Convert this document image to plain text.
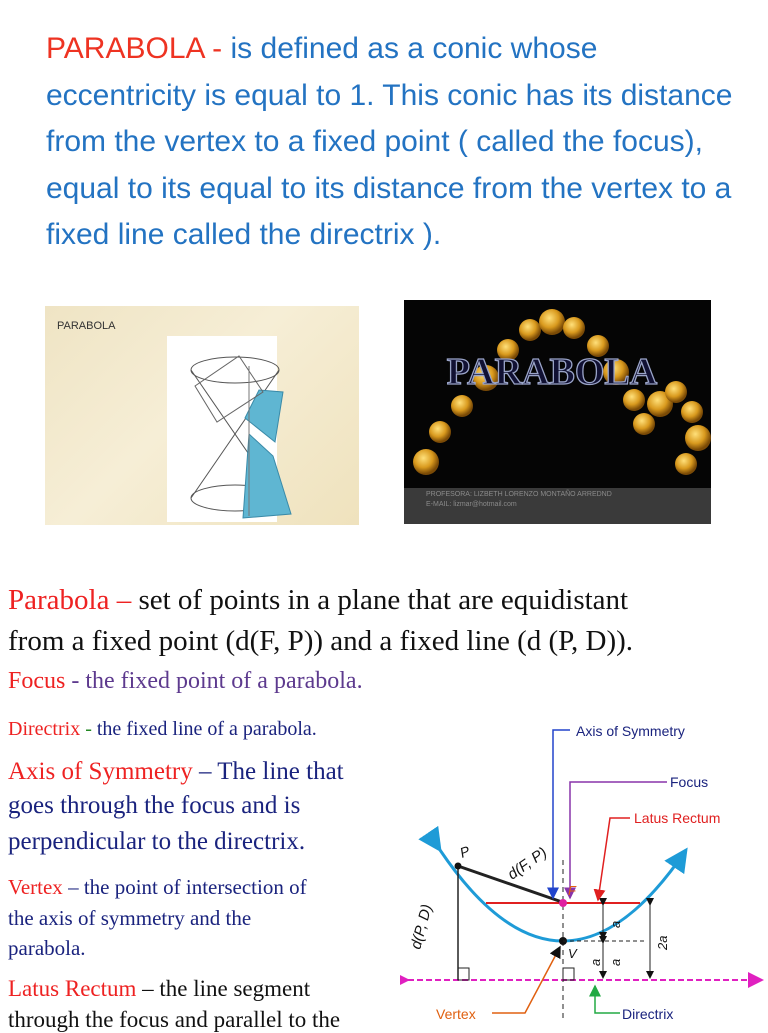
PARABOLA - is defined as a conic whose eccentricity is equal to 1. This conic has its distance from the vertex to a fixed point ( called the focus), equal to its equal to its distance from the vertex to a fixed line called the directrix ).
PARABOLA
PARABOLA
PROFESORA: LIZBETH LORENZO MONTAÑO ARREDND
E-MAIL: lizmar@hotmail.com
Parabola – set of points in a plane that are equidistant
from a fixed point (d(F, P)) and a fixed line (d (P, D)).
Focus - the fixed point of a parabola.
Directrix - the fixed line of a parabola.
Axis of Symmetry – The line that
goes through the focus and is
perpendicular to the directrix.
Vertex – the point of intersection of
the axis of symmetry and the
parabola.
Latus Rectum – the line segment
through the focus and parallel to the
Axis of Symmetry
Focus
Latus Rectum
Vertex	Directrix
P
F
V
d(F, P)
d(P, D)	a
a
a
2a
